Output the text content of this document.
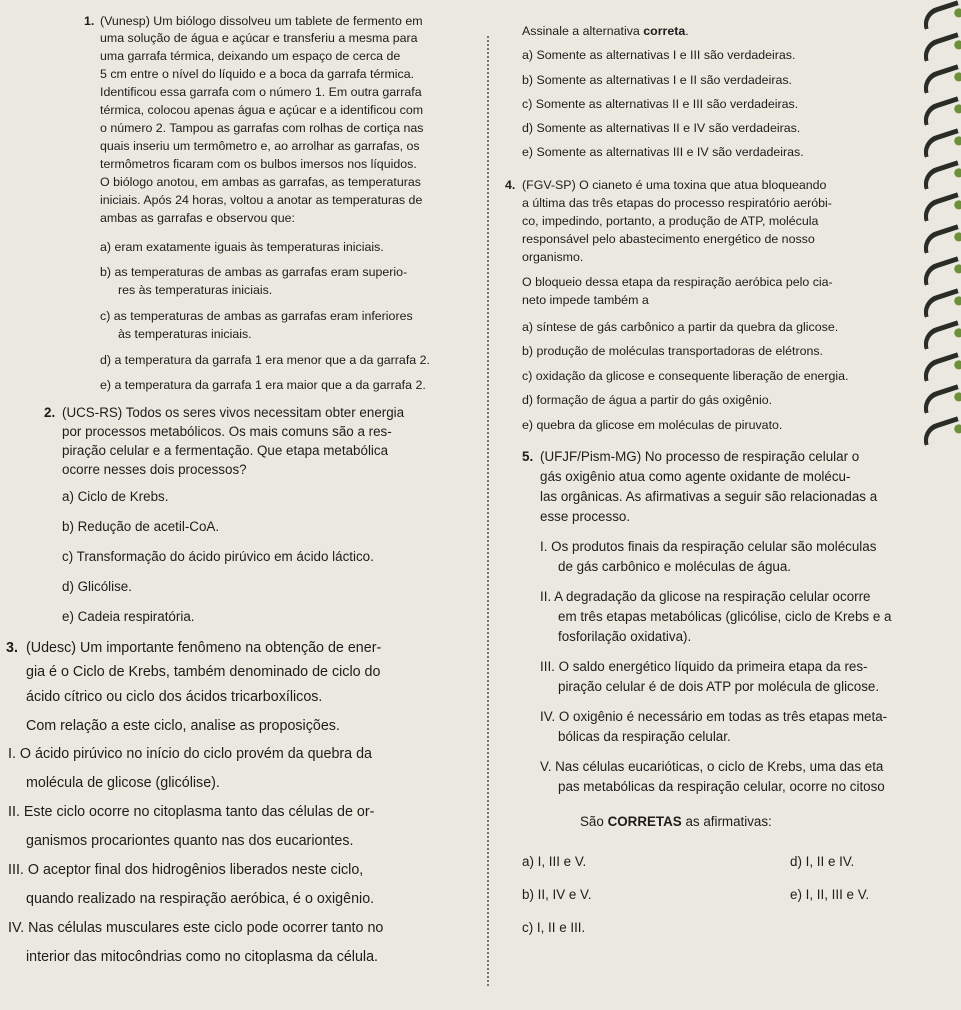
1. (Vunesp) Um biólogo dissolveu um tablete de fermento em
uma solução de água e açúcar e transferiu a mesma para
uma garrafa térmica, deixando um espaço de cerca de
5 cm entre o nível do líquido e a boca da garrafa térmica.
Identificou essa garrafa com o número 1. Em outra garrafa
térmica, colocou apenas água e açúcar e a identificou com
o número 2. Tampou as garrafas com rolhas de cortiça nas
quais inseriu um termômetro e, ao arrolhar as garrafas, os
termômetros ficaram com os bulbos imersos nos líquidos.
O biólogo anotou, em ambas as garrafas, as temperaturas
iniciais. Após 24 horas, voltou a anotar as temperaturas de
ambas as garrafas e observou que:
a) eram exatamente iguais às temperaturas iniciais.
b) as temperaturas de ambas as garrafas eram superio-
res às temperaturas iniciais.
c) as temperaturas de ambas as garrafas eram inferiores
às temperaturas iniciais.
d) a temperatura da garrafa 1 era menor que a da garrafa 2.
e) a temperatura da garrafa 1 era maior que a da garrafa 2.
2. (UCS-RS) Todos os seres vivos necessitam obter energia
por processos metabólicos. Os mais comuns são a res-
piração celular e a fermentação. Que etapa metabólica
ocorre nesses dois processos?
a) Ciclo de Krebs.
b) Redução de acetil-CoA.
c) Transformação do ácido pirúvico em ácido láctico.
d) Glicólise.
e) Cadeia respiratória.
3. (Udesc) Um importante fenômeno na obtenção de ener-
gia é o Ciclo de Krebs, também denominado de ciclo do
ácido cítrico ou ciclo dos ácidos tricarboxílicos.
Com relação a este ciclo, analise as proposições.
I. O ácido pirúvico no início do ciclo provém da quebra da
molécula de glicose (glicólise).
II. Este ciclo ocorre no citoplasma tanto das células de or-
ganismos procariontes quanto nas dos eucariontes.
III. O aceptor final dos hidrogênios liberados neste ciclo,
quando realizado na respiração aeróbica, é o oxigênio.
IV. Nas células musculares este ciclo pode ocorrer tanto no
interior das mitocôndrias como no citoplasma da célula.
Assinale a alternativa correta.
a) Somente as alternativas I e III são verdadeiras.
b) Somente as alternativas I e II são verdadeiras.
c) Somente as alternativas II e III são verdadeiras.
d) Somente as alternativas II e IV são verdadeiras.
e) Somente as alternativas III e IV são verdadeiras.
4. (FGV-SP) O cianeto é uma toxina que atua bloqueando
a última das três etapas do processo respiratório aeróbi-
co, impedindo, portanto, a produção de ATP, molécula
responsável pelo abastecimento energético de nosso
organismo.
O bloqueio dessa etapa da respiração aeróbica pelo cia-
neto impede também a
a) síntese de gás carbônico a partir da quebra da glicose.
b) produção de moléculas transportadoras de elétrons.
c) oxidação da glicose e consequente liberação de energia.
d) formação de água a partir do gás oxigênio.
e) quebra da glicose em moléculas de piruvato.
5. (UFJF/Pism-MG) No processo de respiração celular o
gás oxigênio atua como agente oxidante de molécu-
las orgânicas. As afirmativas a seguir são relacionadas a
esse processo.
I. Os produtos finais da respiração celular são moléculas
de gás carbônico e moléculas de água.
II. A degradação da glicose na respiração celular ocorre
em três etapas metabólicas (glicólise, ciclo de Krebs e a
fosforilação oxidativa).
III. O saldo energético líquido da primeira etapa da res-
piração celular é de dois ATP por molécula de glicose.
IV. O oxigênio é necessário em todas as três etapas meta-
bólicas da respiração celular.
V. Nas células eucarióticas, o ciclo de Krebs, uma das eta
pas metabólicas da respiração celular, ocorre no citoso
São CORRETAS as afirmativas:
a) I, III e V.
b) II, IV e V.
c) I, II e III.
d) I, II e IV.
e) I, II, III e V.
